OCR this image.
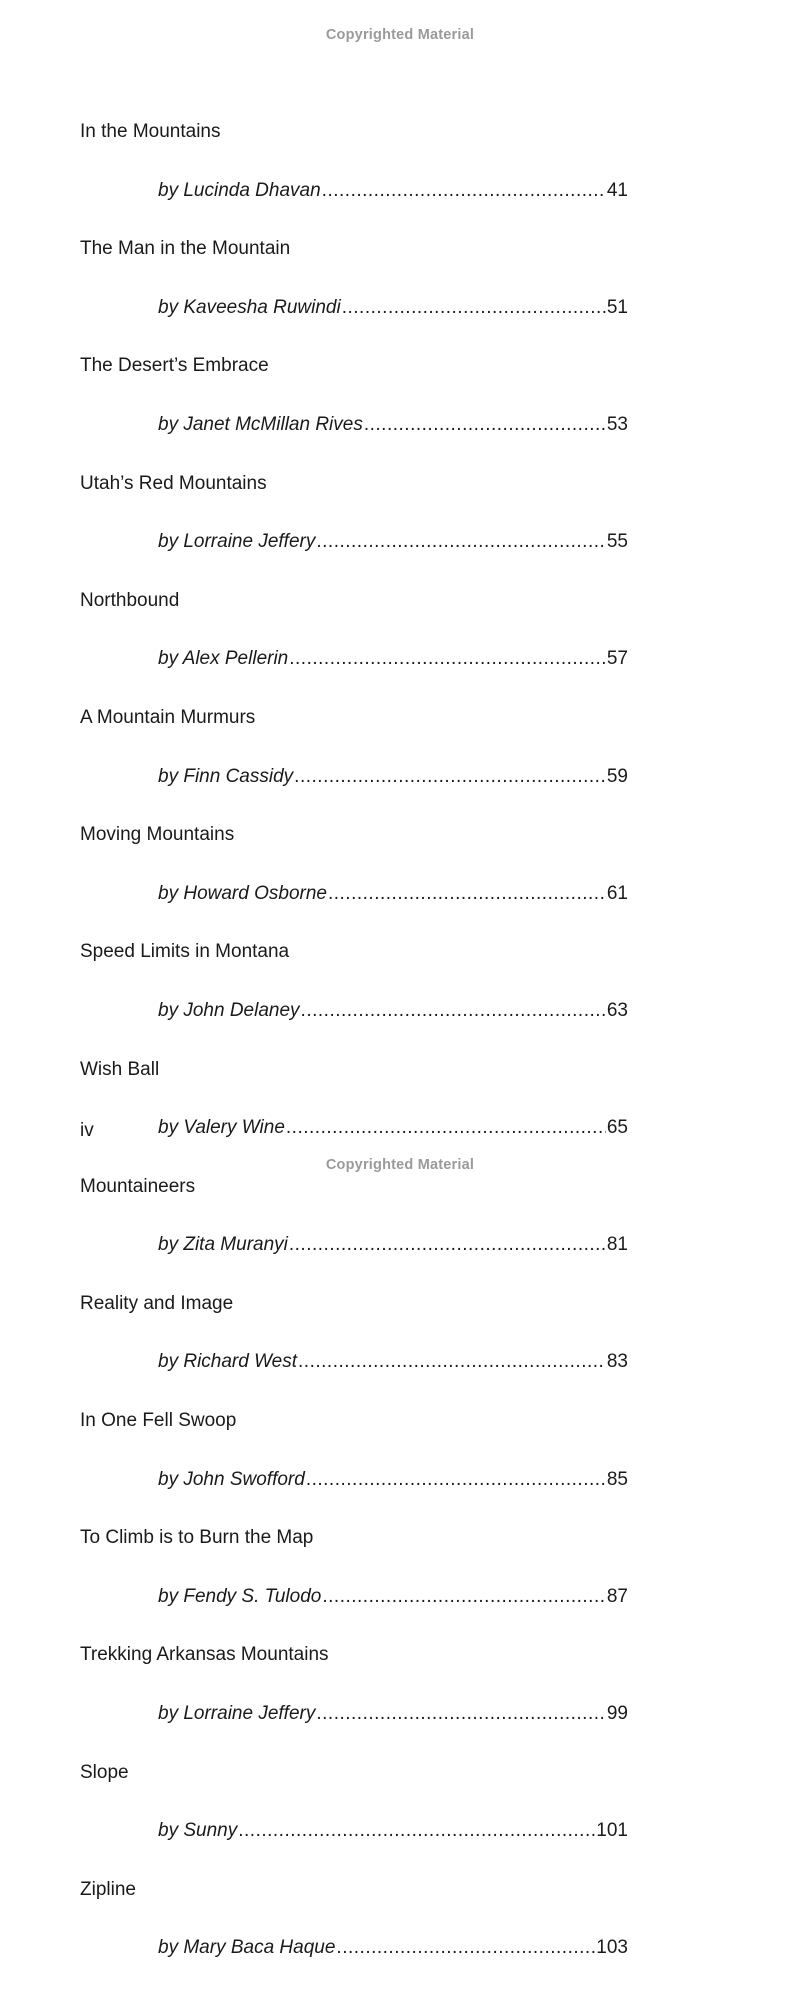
Copyrighted Material
In the Mountains
by Lucinda Dhavan .....	41
The Man in the Mountain
by Kaveesha Ruwindi .....	51
The Desert’s Embrace
by Janet McMillan Rives .....	53
Utah’s Red Mountains
by Lorraine Jeffery .....	55
Northbound
by Alex Pellerin .....	57
A Mountain Murmurs
by Finn Cassidy .....	59
Moving Mountains
by Howard Osborne .....	61
Speed Limits in Montana
by John Delaney .....	63
Wish Ball
by Valery Wine .....	65
Mountaineers
by Zita Muranyi .....	81
Reality and Image
by Richard West .....	83
In One Fell Swoop
by John Swofford .....	85
To Climb is to Burn the Map
by Fendy S. Tulodo .....	87
Trekking Arkansas Mountains
by Lorraine Jeffery .....	99
Slope
by Sunny .....	101
Zipline
by Mary Baca Haque .....	103
iv
Copyrighted Material
